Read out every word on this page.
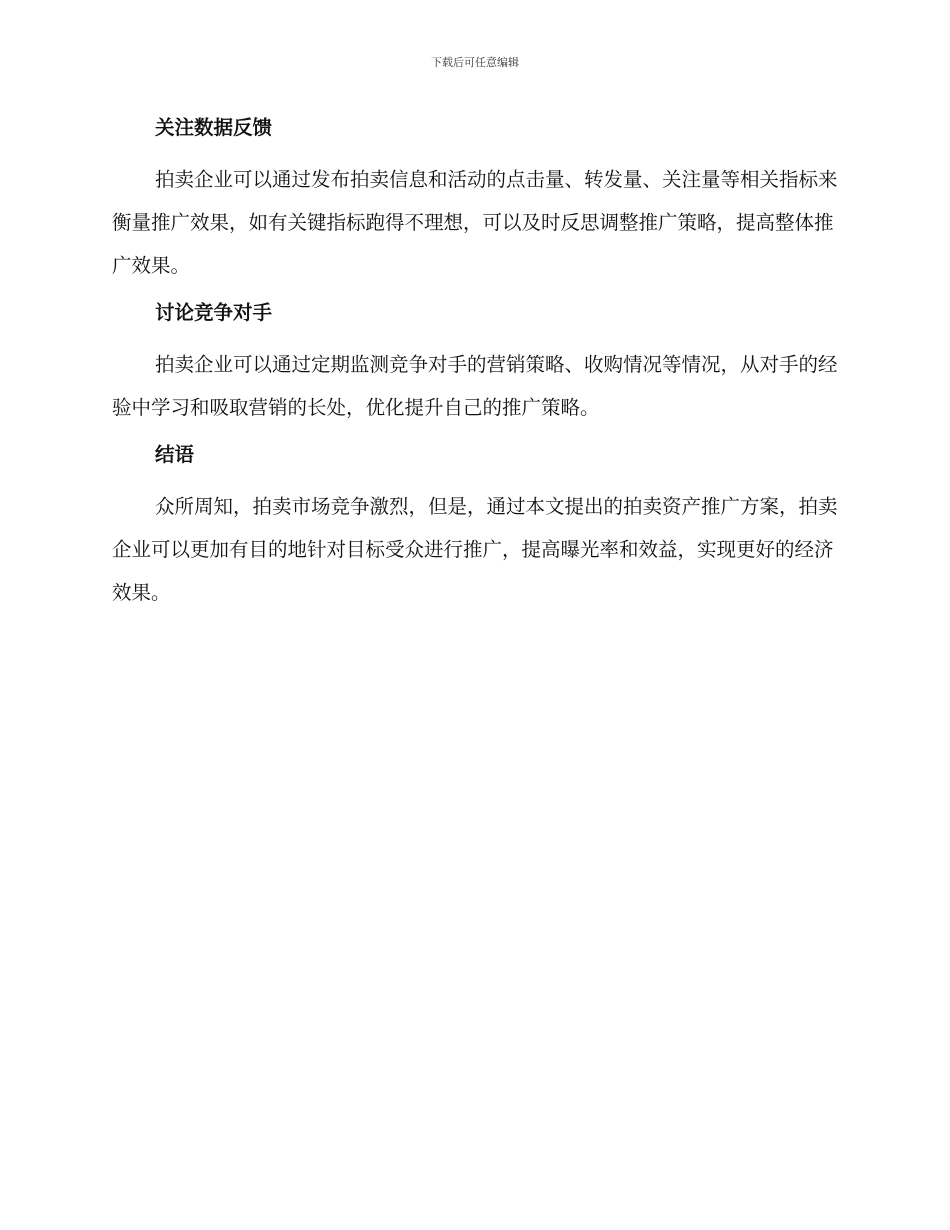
下载后可任意编辑
关注数据反馈

拍卖企业可以通过发布拍卖信息和活动的点击量、转发量、关注量等相关指标来衡量推广效果，如有关键指标跑得不理想，可以及时反思调整推广策略，提高整体推广效果。

讨论竞争对手

拍卖企业可以通过定期监测竞争对手的营销策略、收购情况等情况，从对手的经验中学习和吸取营销的长处，优化提升自己的推广策略。

结语

众所周知，拍卖市场竞争激烈，但是，通过本文提出的拍卖资产推广方案，拍卖企业可以更加有目的地针对目标受众进行推广，提高曝光率和效益，实现更好的经济效果。
